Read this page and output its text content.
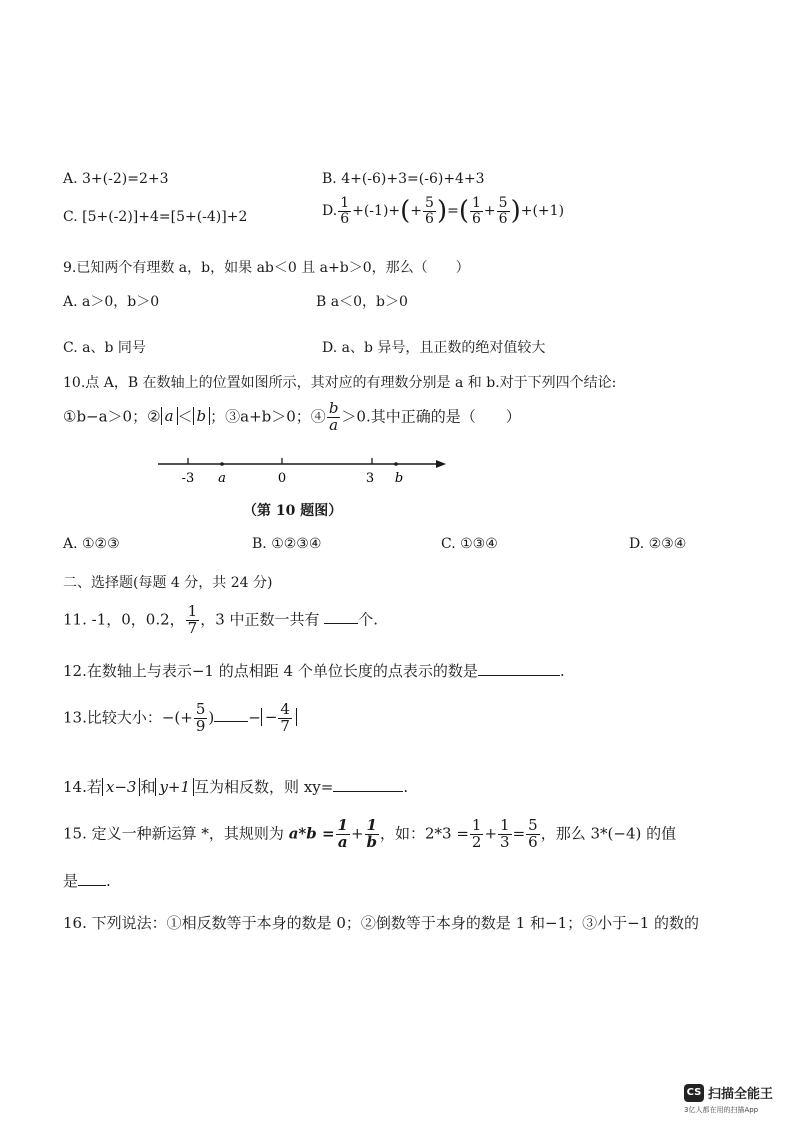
A. 3+(-2)=2+3	B. 4+(-6)+3=(-6)+4+3
C. [5+(-2)]+4=[5+(-4)]+2	D. $\frac{1}{6} +(-1)+(+ \frac{5}{6}$ )=( $\frac{1}{6} + \frac{5}{6} )+(+1)$
9.已知两个有理数 a，b，如果 ab＜0 且 a+b＞0，那么（　　）
A. a＞0，b＞0	B a＜0，b＞0
C. a、b 同号	D. a、b 异号，且正数的绝对值较大
10.点 A，B 在数轴上的位置如图所示，其对应的有理数分别是 a 和 b.对于下列四个结论:
①b−a＞0；② a ＜ b ；③a+b＞0；④ $\frac{b}{a} >0$.其中正确的是（　　）
-3 a	0	3 b
（第 10 题图）
A. ①②③	B. ①②③④	C. ①③④	D. ②③④
二、选择题(每题 4 分，共 24 分)
11. -1，0，0.2， $\frac{1}{7}$ ，3 中正数一共有	个.
12.在数轴上与表示−1 的点相距 4 个单位长度的点表示的数是	.
13.比较大小：−(+ $\frac{5}{9}$ ) − − $\frac{4}{7}$
14.若 x−3 和 y+1 互为相反数，则 xy=	.
15. 定义一种新运算 *，其规则为 $a*b = \frac{1}{a} + \frac{1}{b}$ ，如：$2*3 = \frac{1}{2} + \frac{1}{3} = \frac{5}{6}$ ，那么 3*(−4) 的值
是 .
16. 下列说法：①相反数等于本身的数是 0；②倒数等于本身的数是 1 和−1；③小于−1 的数的
CS 扫描全能王
3亿人都在用的扫描App
